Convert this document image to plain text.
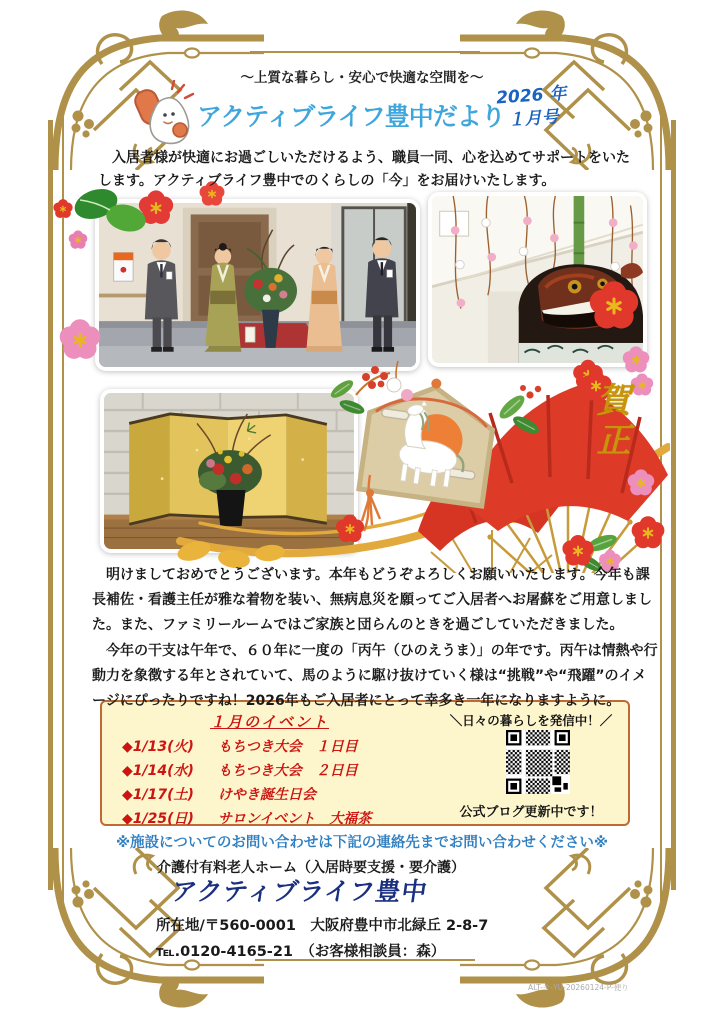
～上質な暮らし・安心で快適な空間を～
アクティブライフ豊中だより
2026 年
１月号
　入居者様が快適にお過ごしいただけるよう、職員一同、心を込めてサポートをいた
します。アクティブライフ豊中でのくらしの「今」をお届けいたします。
賀正
　明けましておめでとうございます。本年もどうぞよろしくお願いいたします。今年も課
長補佐・看護主任が雅な着物を装い、無病息災を願ってご入居者へお屠蘇をご用意しまし
た。また、ファミリールームではご家族と団らんのときを過ごしていただきました。
　今年の干支は午年で、６０年に一度の「丙午（ひのえうま）」の年です。丙午は情熱や行
動力を象徴する年とされていて、馬のように駆け抜けていく様は“挑戦”や“飛躍”のイメ
ージにぴったりですね！2026年もご入居者にとって幸多き一年になりますように。
１月のイベント
◆1/13(火) もちつき大会　１日目
◆1/14(水) もちつき大会　２日目
◆1/17(土) けやき誕生日会
◆1/25(日) サロンイベント　大福茶
＼日々の暮らしを発信中！／
公式ブログ更新中です！
※施設についてのお問い合わせは下記の連絡先までお問い合わせください※
介護付有料老人ホーム（入居時要支援・要介護）
アクティブライフ豊中
所在地/〒560-0001　大阪府豊中市北緑丘 2-8-7
℡.0120-4165-21　（お客様相談員：森）
ALT-チ-YU-20260124-P-便り
